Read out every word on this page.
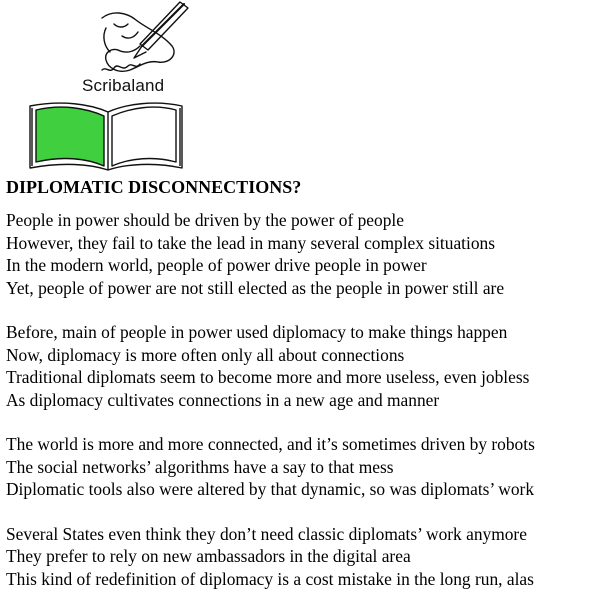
Scribaland
DIPLOMATIC DISCONNECTIONS?
People in power should be driven by the power of people
However, they fail to take the lead in many several complex situations
In the modern world, people of power drive people in power
Yet, people of power are not still elected as the people in power still are
Before, main of people in power used diplomacy to make things happen
Now, diplomacy is more often only all about connections
Traditional diplomats seem to become more and more useless, even jobless
As diplomacy cultivates connections in a new age and manner
The world is more and more connected, and it’s sometimes driven by robots
The social networks’ algorithms have a say to that mess
Diplomatic tools also were altered by that dynamic, so was diplomats’ work
Several States even think they don’t need classic diplomats’ work anymore
They prefer to rely on new ambassadors in the digital area
This kind of redefinition of diplomacy is a cost mistake in the long run, alas
